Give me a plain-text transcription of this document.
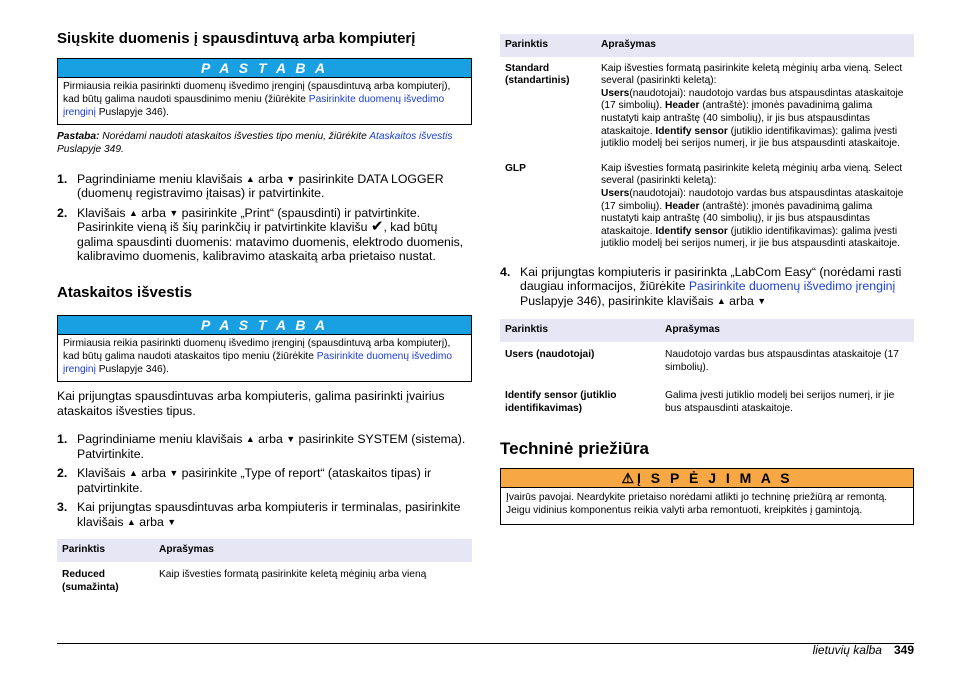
Siųskite duomenis į spausdintuvą arba kompiuterį
P A S T A B A
Pirmiausia reikia pasirinkti duomenų išvedimo įrenginį (spausdintuvą arba kompiuterį), kad būtų galima naudoti spausdinimo meniu (žiūrėkite Pasirinkite duomenų išvedimo įrenginį Puslapyje 346).

Pastaba: Norėdami naudoti ataskaitos išvesties tipo meniu, žiūrėkite Ataskaitos išvestis Puslapyje 349.

1. Pagrindiniame meniu klavišais ▲ arba ▼ pasirinkite DATA LOGGER (duomenų registravimo įtaisas) ir patvirtinkite.
2. Klavišais ▲ arba ▼ pasirinkite „Print“ (spausdinti) ir patvirtinkite. Pasirinkite vieną iš šių parinkčių ir patvirtinkite klavišu ✔, kad būtų galima spausdinti duomenis: matavimo duomenis, elektrodo duomenis, kalibravimo duomenis, kalibravimo ataskaitą arba prietaiso nustat.
Ataskaitos išvestis
P A S T A B A
Pirmiausia reikia pasirinkti duomenų išvedimo įrenginį (spausdintuvą arba kompiuterį), kad būtų galima naudoti ataskaitos tipo meniu (žiūrėkite Pasirinkite duomenų išvedimo įrenginį Puslapyje 346).

Kai prijungtas spausdintuvas arba kompiuteris, galima pasirinkti įvairius ataskaitos išvesties tipus.

1. Pagrindiniame meniu klavišais ▲ arba ▼ pasirinkite SYSTEM (sistema). Patvirtinkite.
2. Klavišais ▲ arba ▼ pasirinkite „Type of report“ (ataskaitos tipas) ir patvirtinkite.
3. Kai prijungtas spausdintuvas arba kompiuteris ir terminalas, pasirinkite klavišais ▲ arba ▼
Parinktis	Aprašymas
Reduced (sumažinta)	Kaip išvesties formatą pasirinkite keletą mėginių arba vieną
Parinktis	Aprašymas
Standard (standartinis)	Kaip išvesties formatą pasirinkite keletą mėginių arba vieną. Select several (pasirinkti keletą):
Users(naudotojai): naudotojo vardas bus atspausdintas ataskaitoje (17 simbolių). Header (antraštė): įmonės pavadinimą galima nustatyti kaip antraštę (40 simbolių), ir jis bus atspausdintas ataskaitoje. Identify sensor (jutiklio identifikavimas): galima įvesti jutiklio modelį bei serijos numerį, ir jie bus atspausdinti ataskaitoje.
GLP	Kaip išvesties formatą pasirinkite keletą mėginių arba vieną. Select several (pasirinkti keletą):
Users(naudotojai): naudotojo vardas bus atspausdintas ataskaitoje (17 simbolių). Header (antraštė): įmonės pavadinimą galima nustatyti kaip antraštę (40 simbolių), ir jis bus atspausdintas ataskaitoje. Identify sensor (jutiklio identifikavimas): galima įvesti jutiklio modelį bei serijos numerį, ir jie bus atspausdinti ataskaitoje.
4. Kai prijungtas kompiuteris ir pasirinkta „LabCom Easy“ (norėdami rasti daugiau informacijos, žiūrėkite Pasirinkite duomenų išvedimo įrenginį Puslapyje 346), pasirinkite klavišais ▲ arba ▼
Parinktis	Aprašymas
Users (naudotojai)	Naudotojo vardas bus atspausdintas ataskaitoje (17 simbolių).
Identify sensor (jutiklio identifikavimas)	Galima įvesti jutiklio modelį bei serijos numerį, ir jie bus atspausdinti ataskaitoje.
Techninė priežiūra
⚠ Į S P Ė J I M A S
Įvairūs pavojai. Neardykite prietaiso norėdami atlikti jo techninę priežiūrą ar remontą. Jeigu vidinius komponentus reikia valyti arba remontuoti, kreipkitės į gamintoją.
lietuvių kalba 349
